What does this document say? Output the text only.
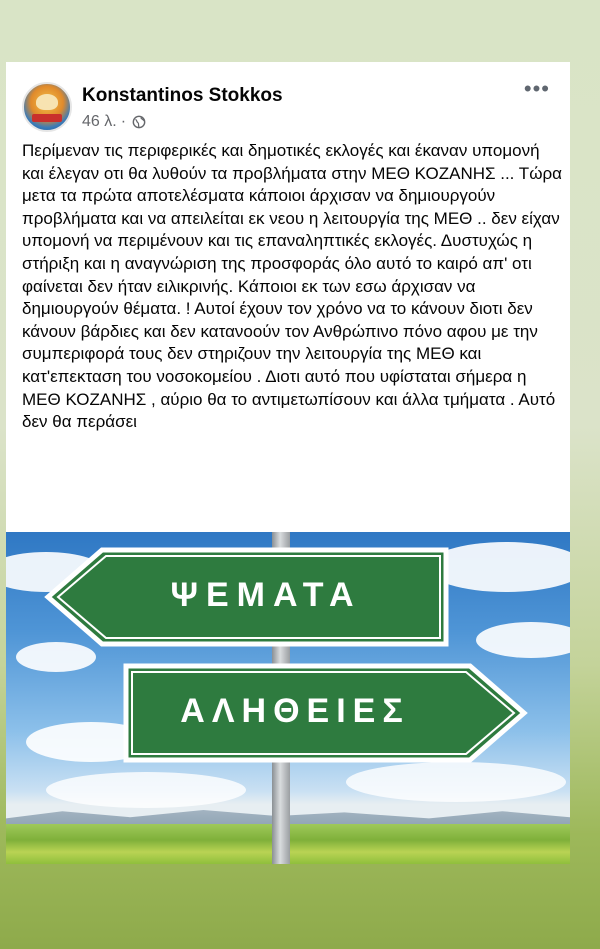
Konstantinos Stokkos
46 λ. ·
•••
Περίμεναν τις περιφερικές και δημοτικές εκλογές και έκαναν υπομονή και έλεγαν οτι θα λυθούν τα προβλήματα στην ΜΕΘ ΚΟΖΑΝΗΣ ... Τώρα μετα τα πρώτα αποτελέσματα κάποιοι άρχισαν να δημιουργούν προβλήματα και να απειλείται εκ νεου η λειτουργία της ΜΕΘ .. δεν είχαν υπομονή να περιμένουν και τις επαναληπτικές εκλογές. Δυστυχώς η στήριξη και η αναγνώριση της προσφοράς όλο αυτό το καιρό απ' οτι φαίνεται δεν ήταν ειλικρινής. Κάποιοι εκ των εσω άρχισαν να δημιουργούν θέματα. ! Αυτοί έχουν τον χρόνο να το κάνουν διοτι δεν κάνουν βάρδιες και δεν κατανοούν τον Ανθρώπινο πόνο αφου με την συμπεριφορά τους δεν στηριζουν την λειτουργία της ΜΕΘ και κατ'επεκταση του νοσοκομείου . Διοτι αυτό που υφίσταται σήμερα η ΜΕΘ ΚΟΖΑΝΗΣ , αύριο θα το αντιμετωπίσουν και άλλα τμήματα . Αυτό δεν θα περάσει
ΨΕΜΑΤΑ
ΑΛΗΘΕΙΕΣ
